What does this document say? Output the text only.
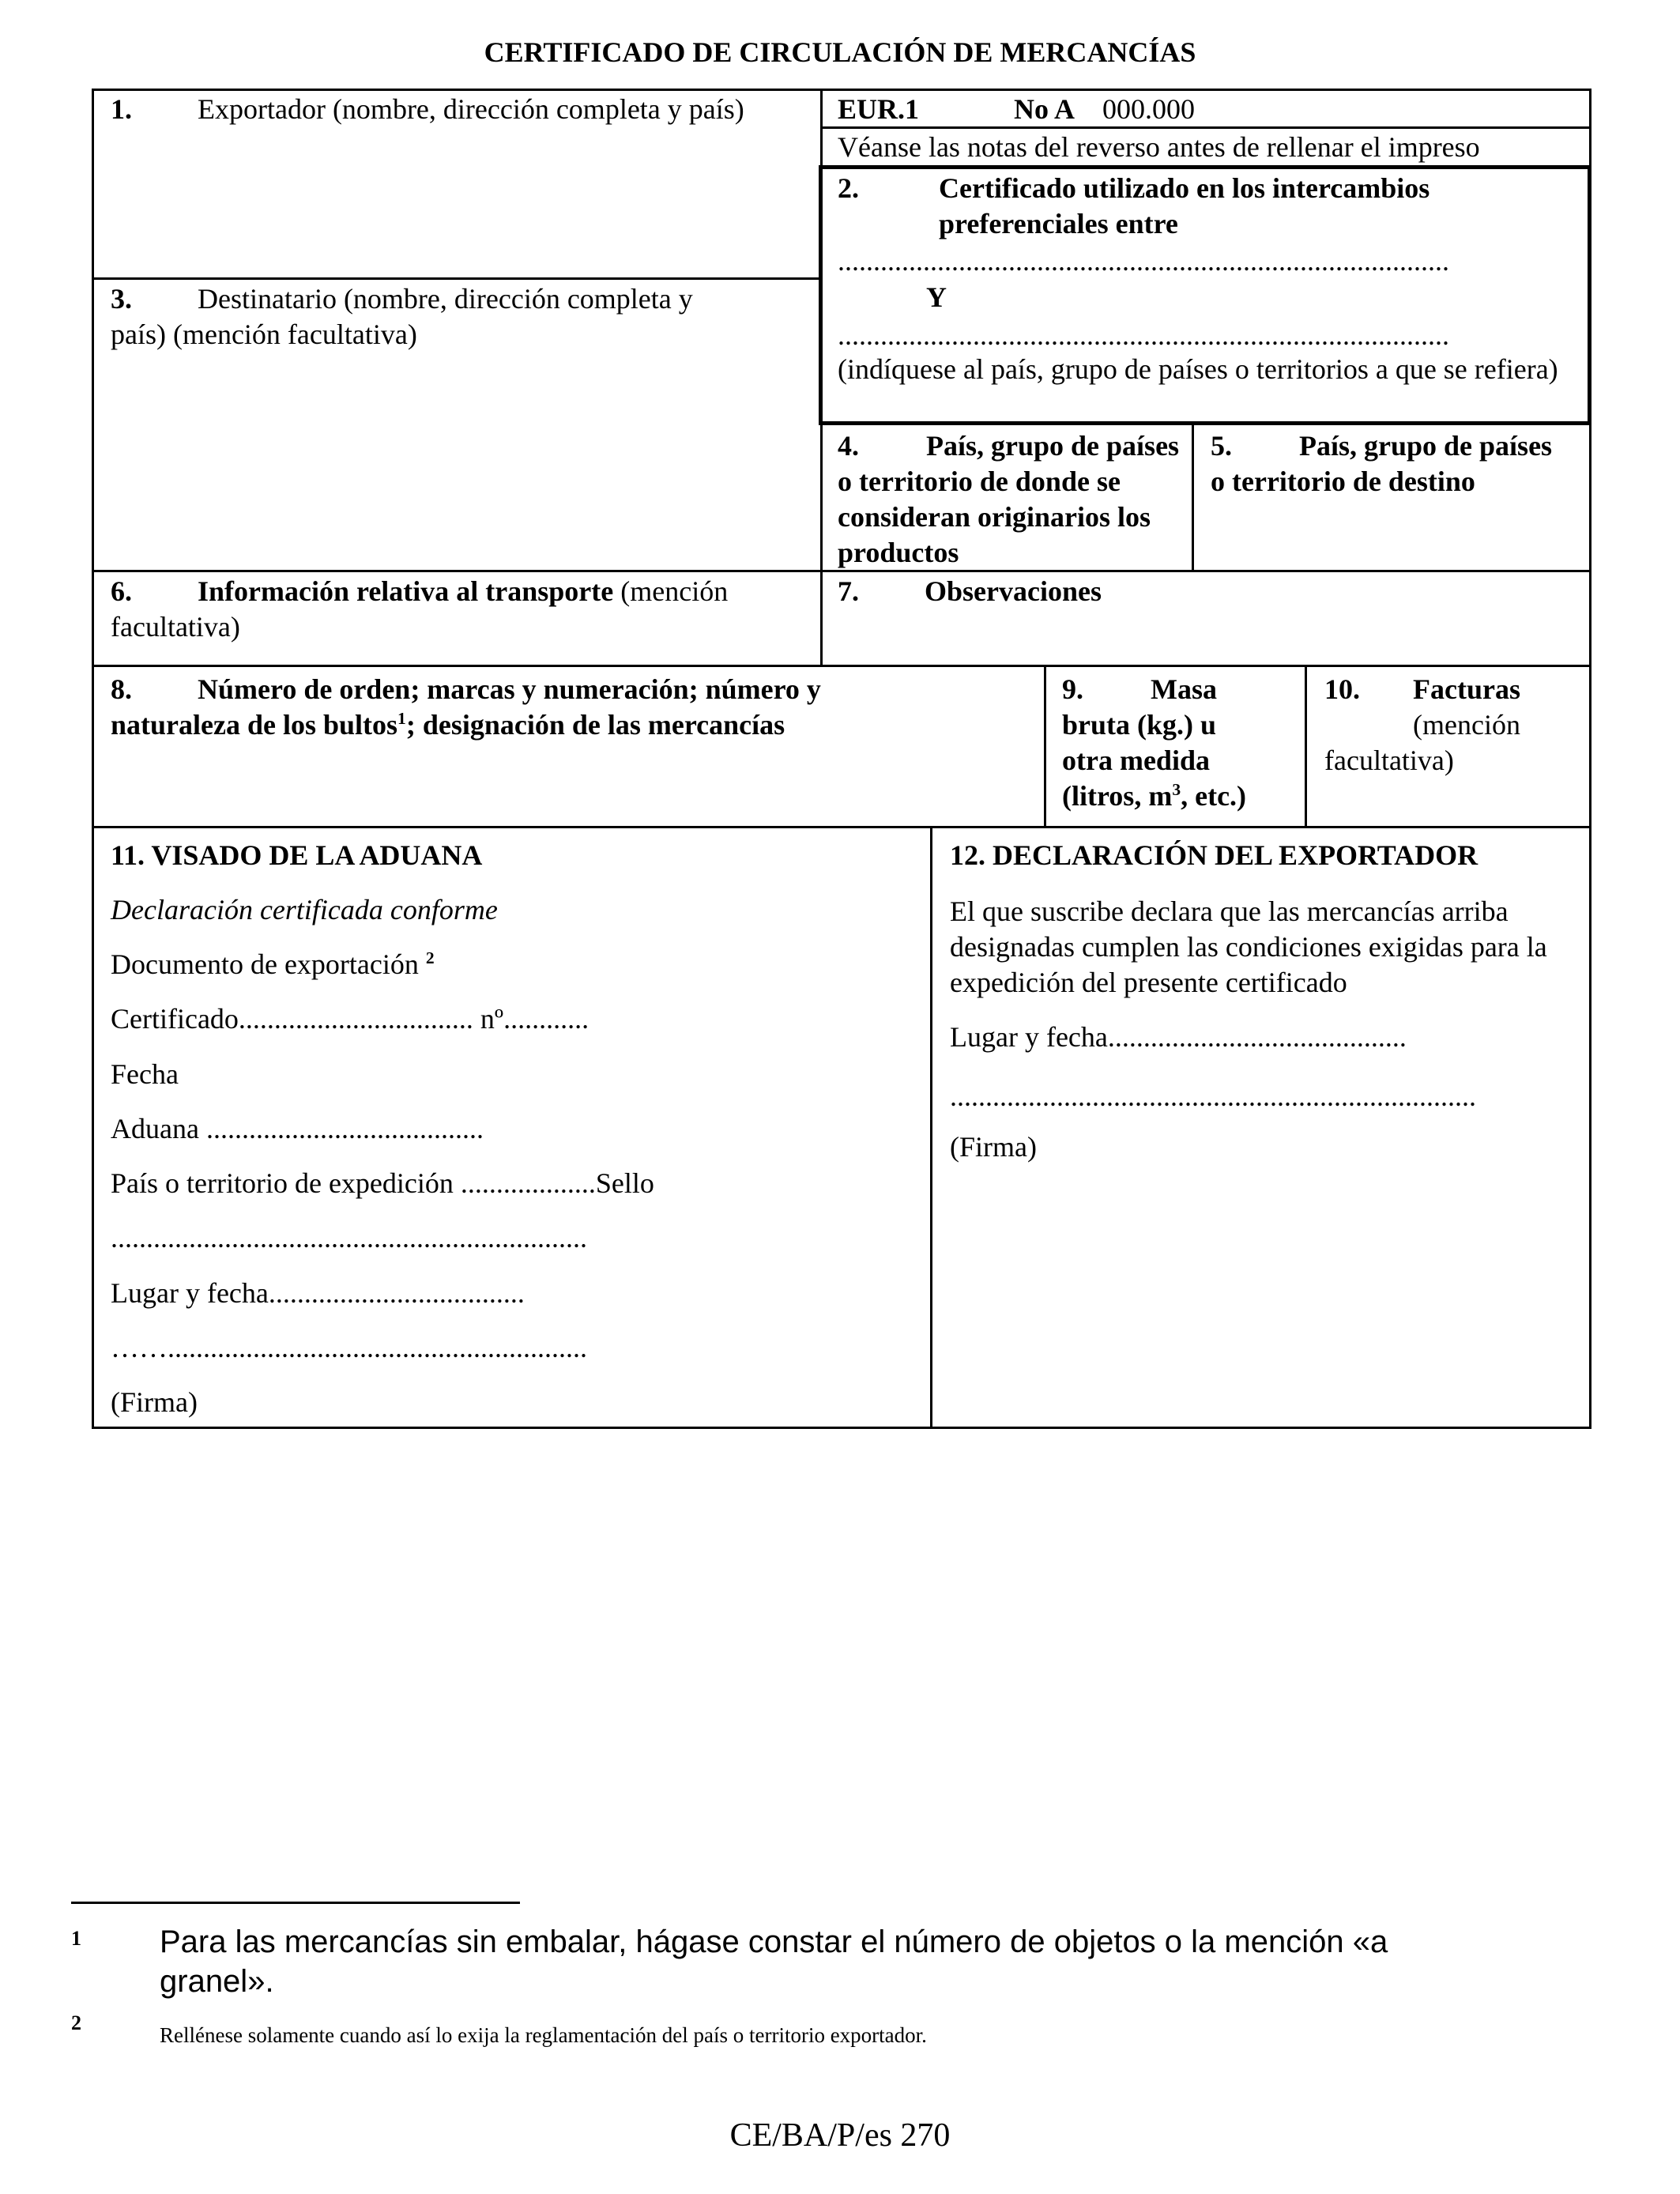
CERTIFICADO DE CIRCULACIÓN DE MERCANCÍAS
1. Exportador (nombre, dirección completa y país)	EUR.1	No A 000.000
Véanse las notas del reverso antes de rellenar el impreso
2.	Certificado utilizado en los intercambios preferenciales entre
......................................................................................
Y
......................................................................................
(indíquese al país, grupo de países o territorios a que se refiera)
3. Destinatario (nombre, dirección completa y
país) (mención facultativa)
4. País, grupo de países o territorio de donde se consideran originarios los productos
5. País, grupo de países o territorio de destino
6. Información relativa al transporte (mención
facultativa)
7. Observaciones
8. Número de orden; marcas y numeración; número y
naturaleza de los bultos$^1$; designación de las mercancías
9. Masa
bruta (kg.) u
otra medida
(litros, $m^3$, etc.)
10. Facturas
(mención
facultativa)
11. VISADO DE LA ADUANA
Declaración certificada conforme
Documento de exportación $^2$
Certificado................................. nº............
Fecha
Aduana .......................................
País o territorio de expedición ...................Sello
...................................................................
Lugar y fecha....................................
……...........................................................
(Firma)
12. DECLARACIÓN DEL EXPORTADOR
El que suscribe declara que las mercancías arriba designadas cumplen las condiciones exigidas para la expedición del presente certificado
Lugar y fecha..........................................
..........................................................................
(Firma)
1 Para las mercancías sin embalar, hágase constar el número de objetos o la mención «a granel».
2
Rellénese solamente cuando así lo exija la reglamentación del país o territorio exportador.
CE/BA/P/es 270
